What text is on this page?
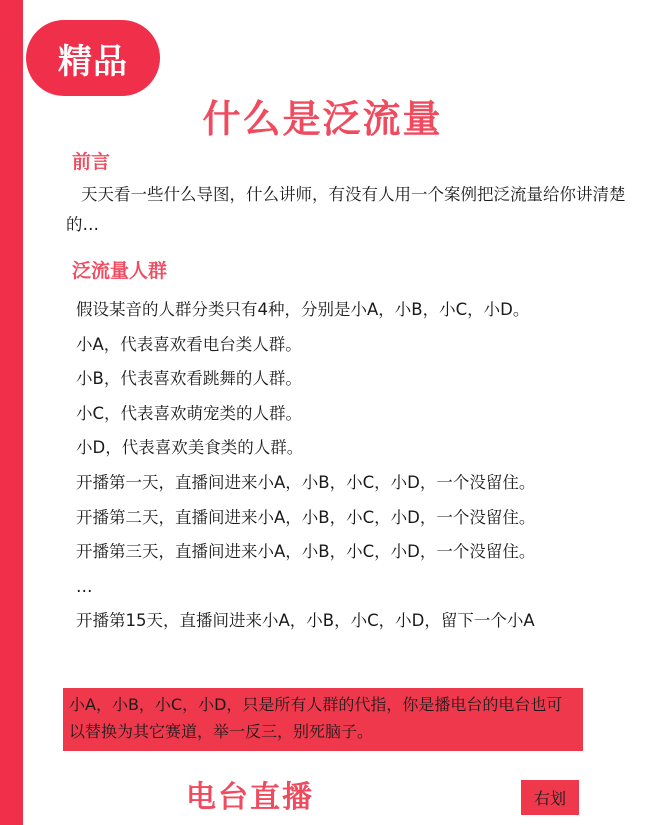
精品
什么是泛流量
前言
天天看一些什么导图，什么讲师，有没有人用一个案例把泛流量给你讲清楚的…
泛流量人群
假设某音的人群分类只有4种，分别是小A，小B，小C，小D。
小A，代表喜欢看电台类人群。
小B，代表喜欢看跳舞的人群。
小C，代表喜欢萌宠类的人群。
小D，代表喜欢美食类的人群。
开播第一天，直播间进来小A，小B，小C，小D，一个没留住。
开播第二天，直播间进来小A，小B，小C，小D，一个没留住。
开播第三天，直播间进来小A，小B，小C，小D，一个没留住。
…
开播第15天，直播间进来小A，小B，小C，小D，留下一个小A
小A，小B，小C，小D，只是所有人群的代指，你是播电台的电台也可以替换为其它赛道，举一反三，别死脑子。
电台直播	右划
